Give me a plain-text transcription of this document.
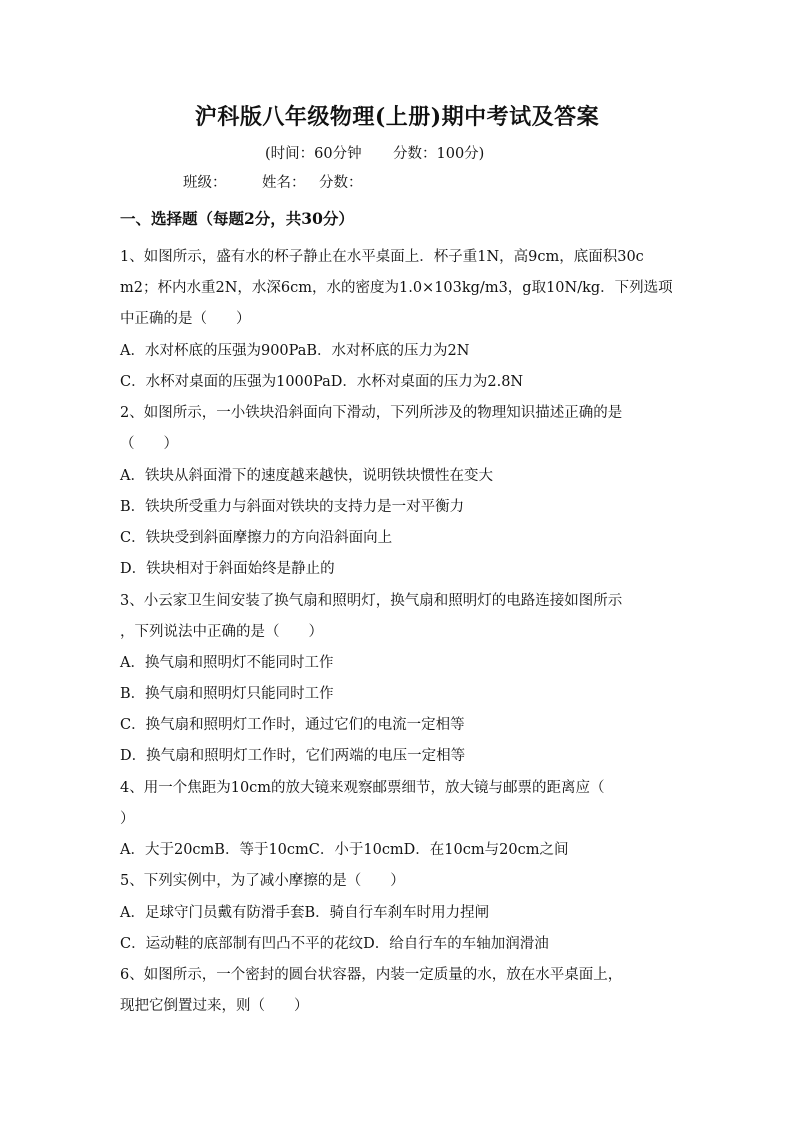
沪科版八年级物理(上册)期中考试及答案
(时间：60分钟 分数：100分)
班级： 姓名： 分数：
一、选择题（每题2分，共30分）
1、如图所示，盛有水的杯子静止在水平桌面上．杯子重1N，高9cm，底面积30c
m2；杯内水重2N，水深6cm，水的密度为1.0×103kg/m3，g取10N/kg．下列选项
中正确的是（　　）
A．水对杯底的压强为900PaB．水对杯底的压力为2N
C．水杯对桌面的压强为1000PaD．水杯对桌面的压力为2.8N
2、如图所示，一小铁块沿斜面向下滑动，下列所涉及的物理知识描述正确的是
（　　）
A．铁块从斜面滑下的速度越来越快，说明铁块惯性在变大
B．铁块所受重力与斜面对铁块的支持力是一对平衡力
C．铁块受到斜面摩擦力的方向沿斜面向上
D．铁块相对于斜面始终是静止的
3、小云家卫生间安装了换气扇和照明灯，换气扇和照明灯的电路连接如图所示
，下列说法中正确的是（　　）
A．换气扇和照明灯不能同时工作
B．换气扇和照明灯只能同时工作
C．换气扇和照明灯工作时，通过它们的电流一定相等
D．换气扇和照明灯工作时，它们两端的电压一定相等
4、用一个焦距为10cm的放大镜来观察邮票细节，放大镜与邮票的距离应（
）
A．大于20cmB．等于10cmC．小于10cmD．在10cm与20cm之间
5、下列实例中，为了减小摩擦的是（　　）
A．足球守门员戴有防滑手套B．骑自行车刹车时用力捏闸
C．运动鞋的底部制有凹凸不平的花纹D．给自行车的车轴加润滑油
6、如图所示，一个密封的圆台状容器，内装一定质量的水，放在水平桌面上，
现把它倒置过来，则（　　）
